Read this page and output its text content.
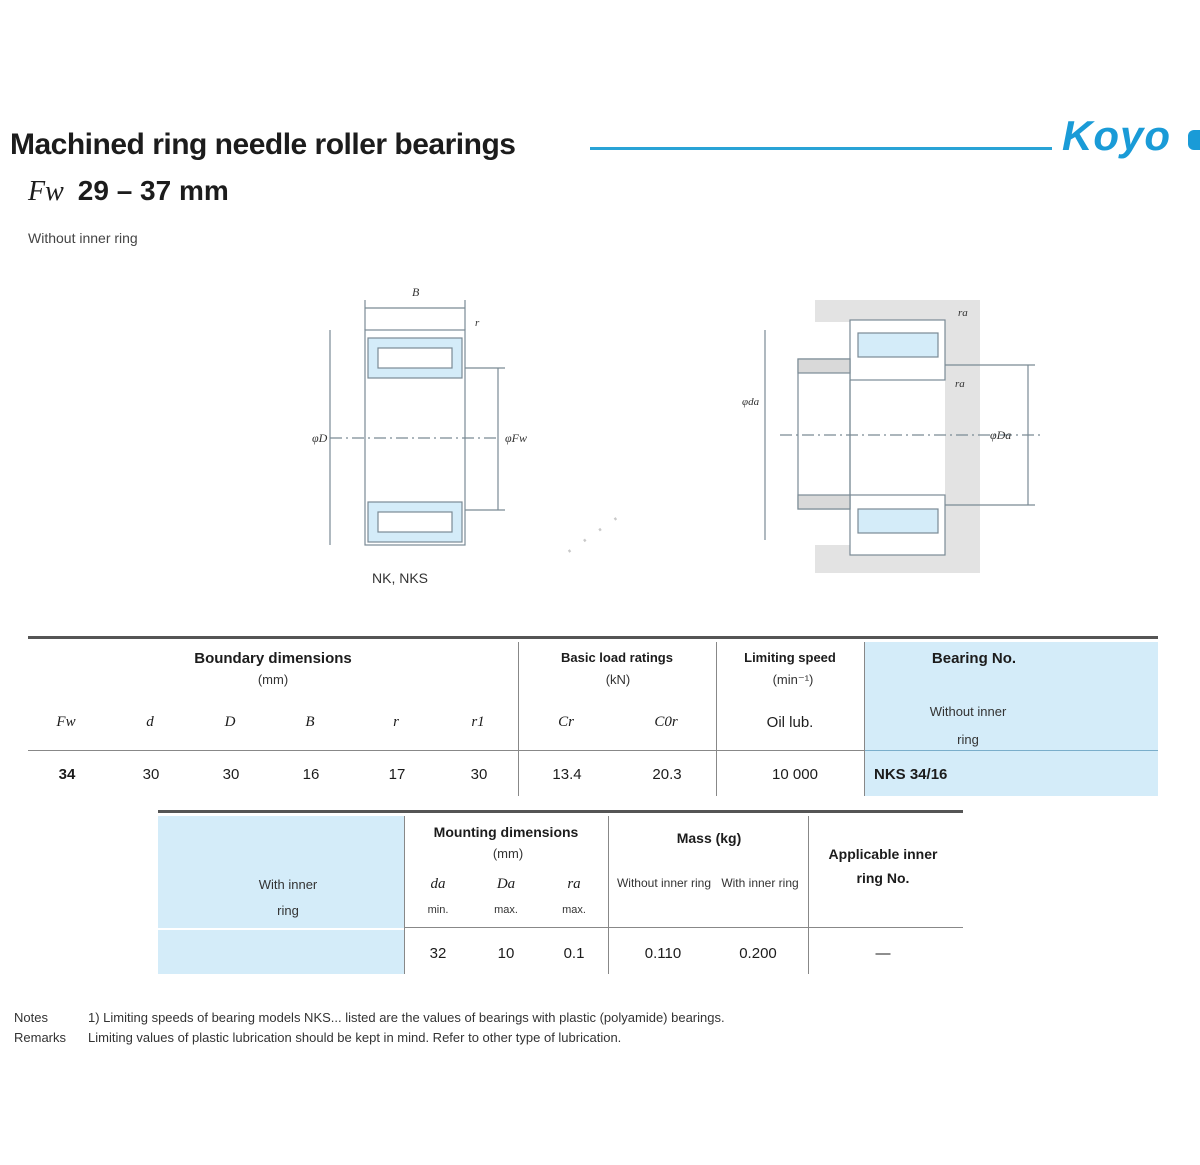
Machined ring needle roller bearings	Koyo
Fw 29 – 37 mm
Without inner ring
B
r
φD	φFw
NK, NKS
· · · ·
ra
ra
φda
φDa
Boundary dimensions
(mm)
Basic load ratings
(kN)
Limiting speed
(min⁻¹)
Bearing No.
Without inner ring
Fw	d	D	B	r	r1	Cr	C0r	Oil lub.
34	30	30	16	17	30	13.4	20.3	10 000	NKS 34/16
With inner ring
Mounting dimensions
(mm)
Mass (kg)
Without inner ring With inner ring
Applicable inner ring No.
da	Da	ra
min.	max.	max.
32	10	0.1	0.110	0.200	—
Notes	1) Limiting speeds of bearing models NKS... listed are the values of bearings with plastic (polyamide) bearings.
Remarks Limiting values of plastic lubrication should be kept in mind. Refer to other type of lubrication.
